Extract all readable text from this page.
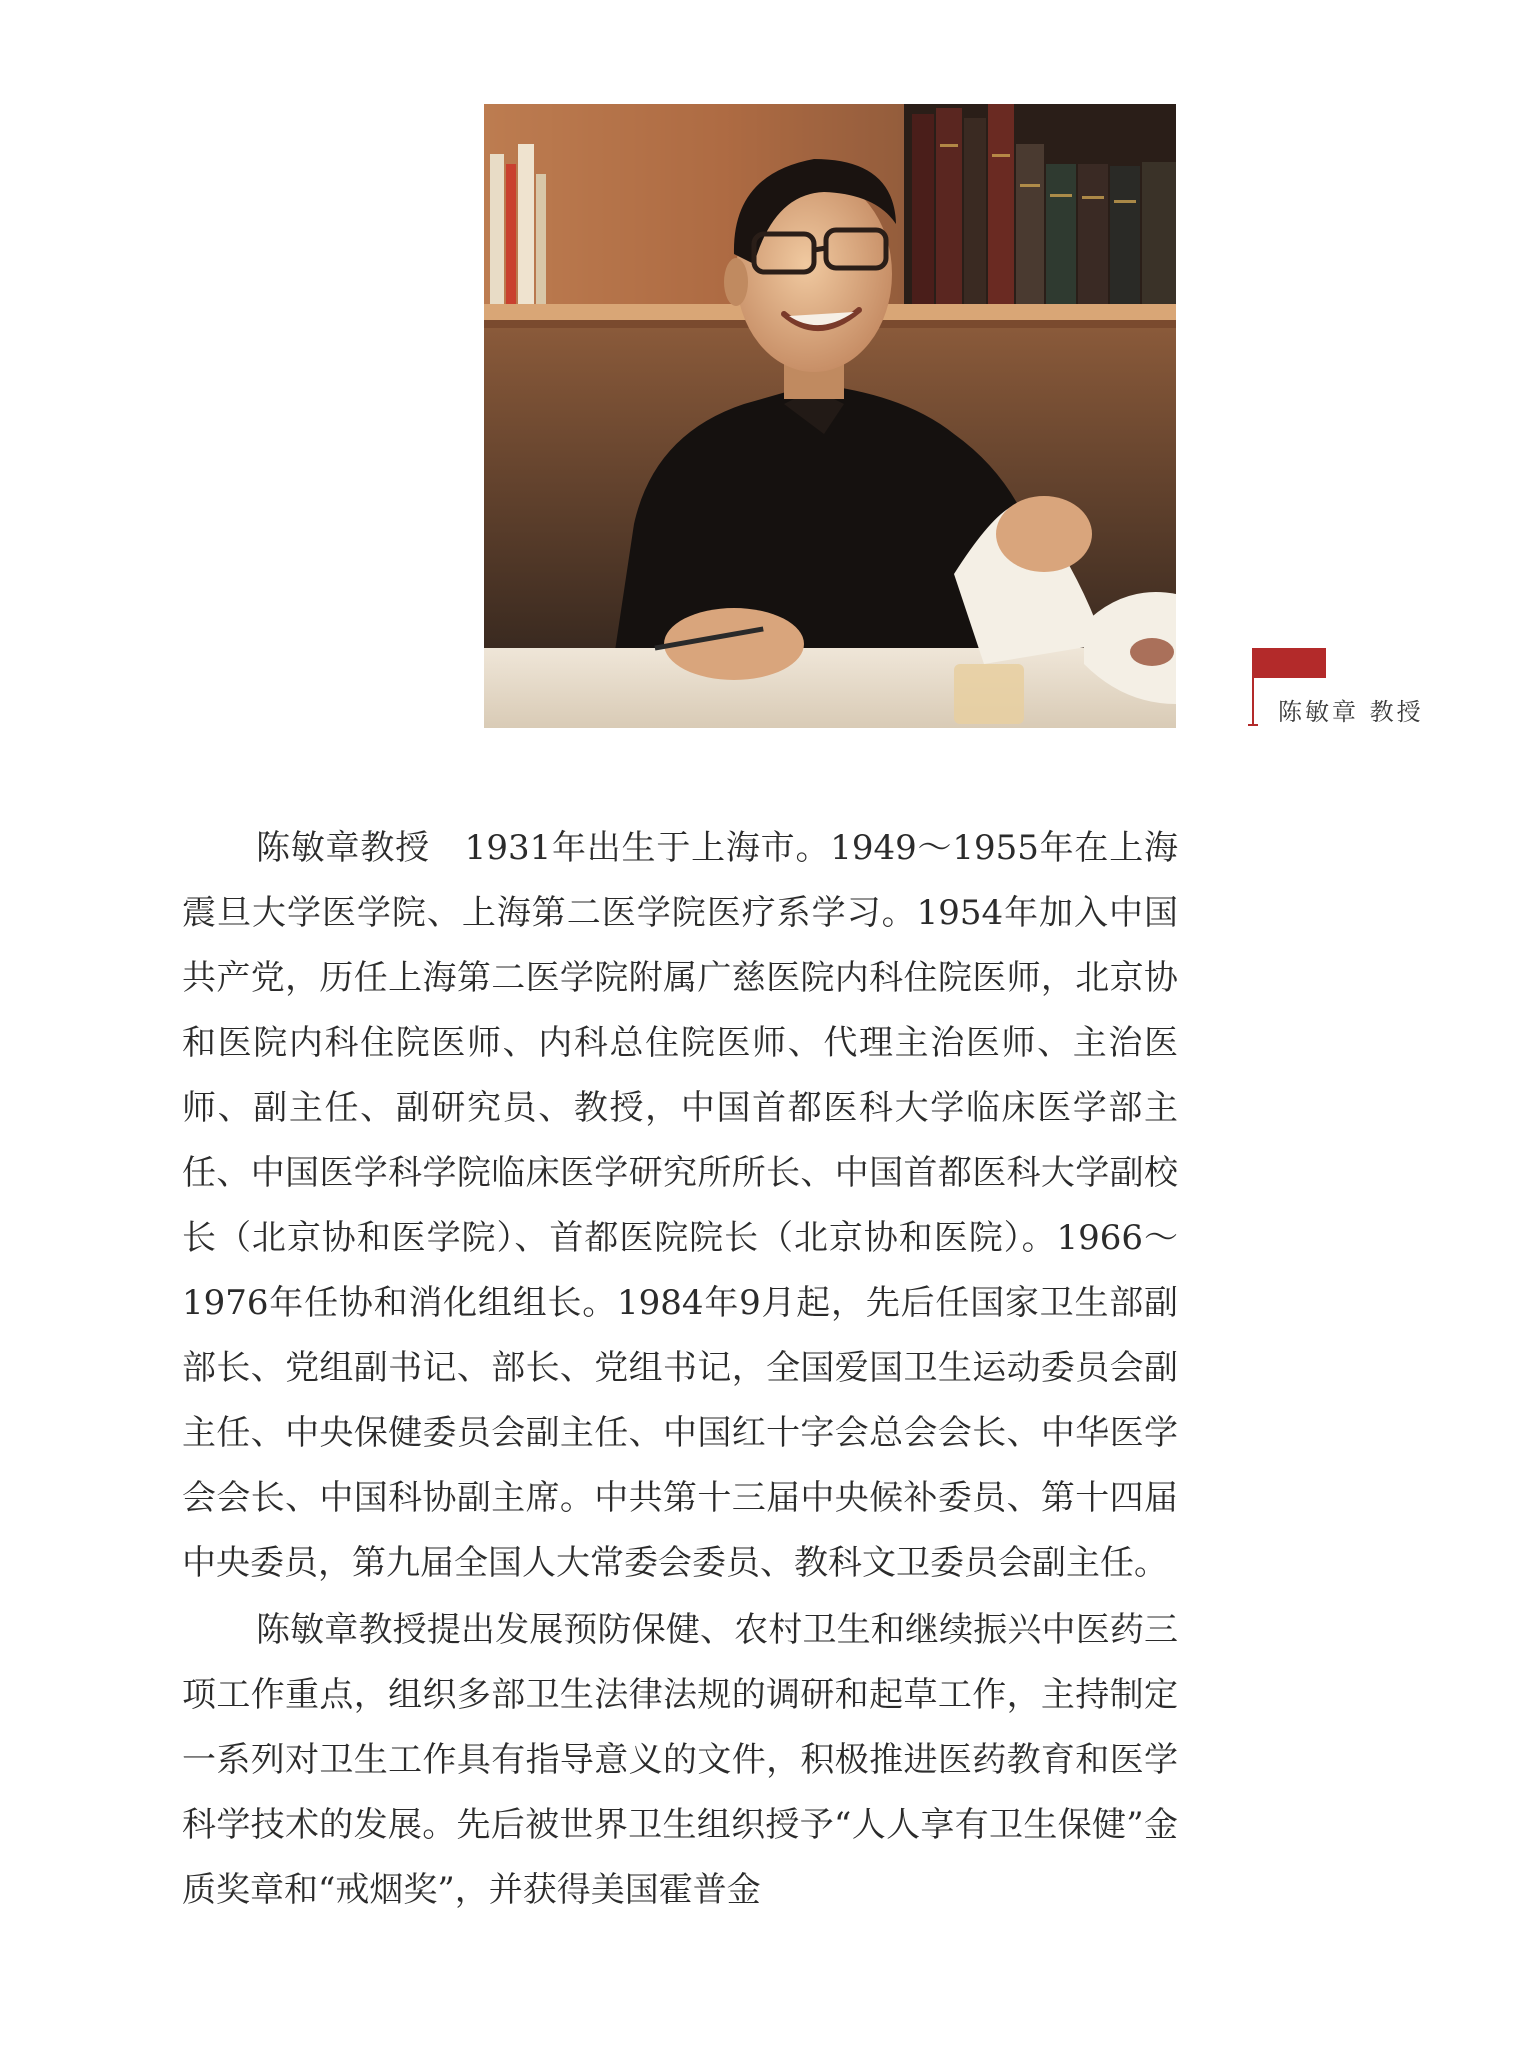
陈敏章 教授

陈敏章教授　1931年出生于上海市。1949～1955年在上海震旦大学医学院、上海第二医学院医疗系学习。1954年加入中国共产党，历任上海第二医学院附属广慈医院内科住院医师，北京协和医院内科住院医师、内科总住院医师、代理主治医师、主治医师、副主任、副研究员、教授，中国首都医科大学临床医学部主任、中国医学科学院临床医学研究所所长、中国首都医科大学副校长（北京协和医学院）、首都医院院长（北京协和医院）。1966～1976年任协和消化组组长。1984年9月起，先后任国家卫生部副部长、党组副书记、部长、党组书记，全国爱国卫生运动委员会副主任、中央保健委员会副主任、中国红十字会总会会长、中华医学会会长、中国科协副主席。中共第十三届中央候补委员、第十四届中央委员，第九届全国人大常委会委员、教科文卫委员会副主任。

陈敏章教授提出发展预防保健、农村卫生和继续振兴中医药三项工作重点，组织多部卫生法律法规的调研和起草工作，主持制定一系列对卫生工作具有指导意义的文件，积极推进医药教育和医学科学技术的发展。先后被世界卫生组织授予“人人享有卫生保健”金质奖章和“戒烟奖”，并获得美国霍普金
